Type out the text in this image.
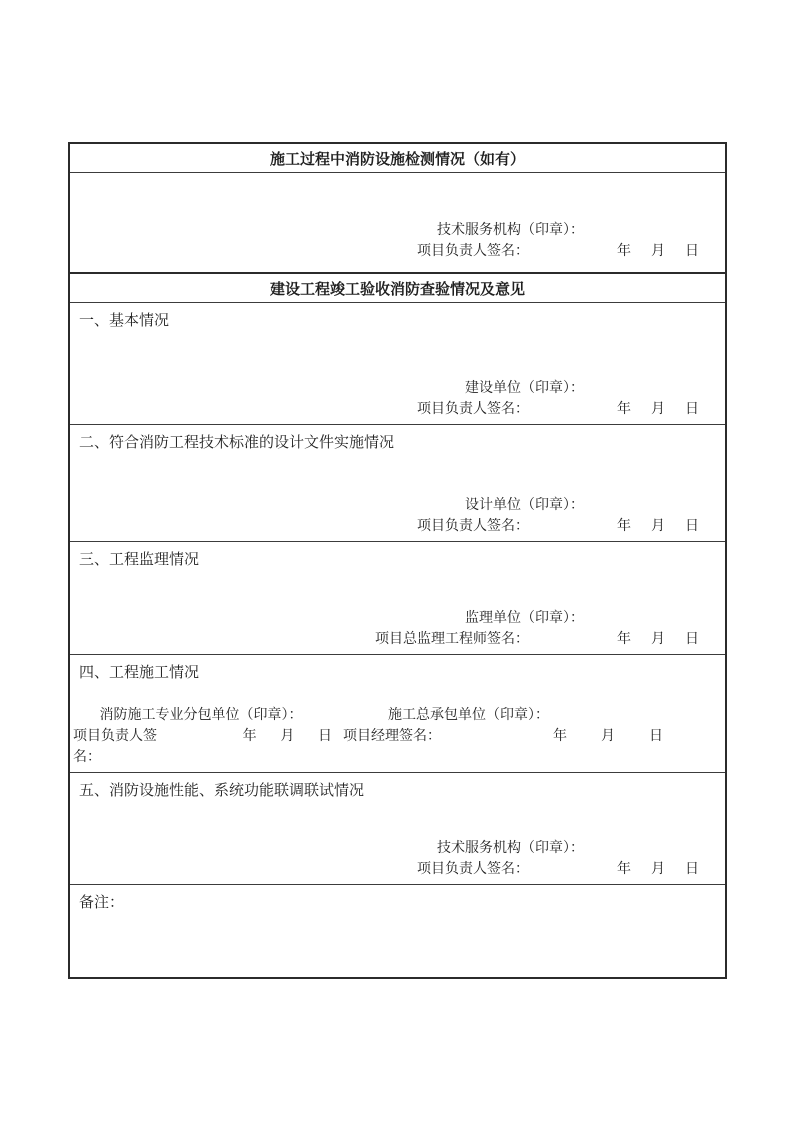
施工过程中消防设施检测情况（如有）
技术服务机构（印章）：
项目负责人签名：	年 月 日
建设工程竣工验收消防查验情况及意见
一、基本情况
建设单位（印章）：
项目负责人签名：	年 月 日
二、符合消防工程技术标准的设计文件实施情况
设计单位（印章）：
项目负责人签名：	年 月 日
三、工程监理情况
监理单位（印章）：
项目总监理工程师签名：	年 月 日
四、工程施工情况
消防施工专业分包单位（印章）：
项目负责人签名：
年 月 日
施工总承包单位（印章）：
项目经理签名：	年 月 日
五、消防设施性能、系统功能联调联试情况
技术服务机构（印章）：
项目负责人签名：	年 月 日
备注：
